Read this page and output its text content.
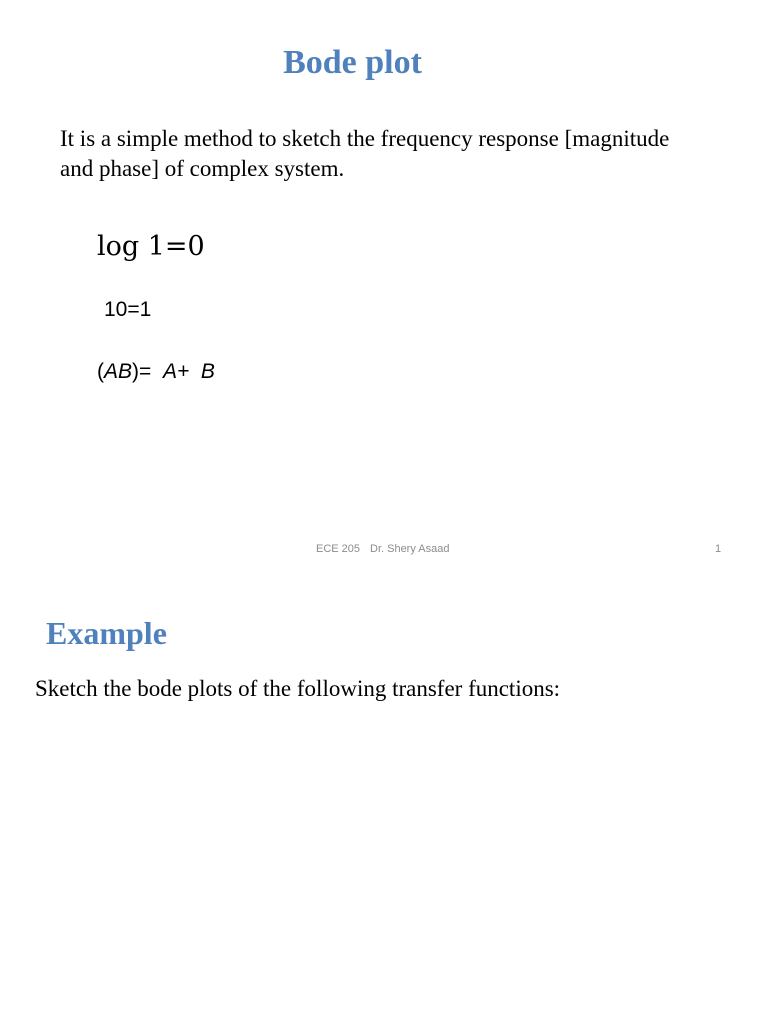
Bode plot

It is a simple method to sketch the frequency response [magnitude and phase] of complex system.

log 1=0

10=1

(AB)= A+ B

ECE 205 Dr. Shery Asaad	1
Example

Sketch the bode plots of the following transfer functions:
